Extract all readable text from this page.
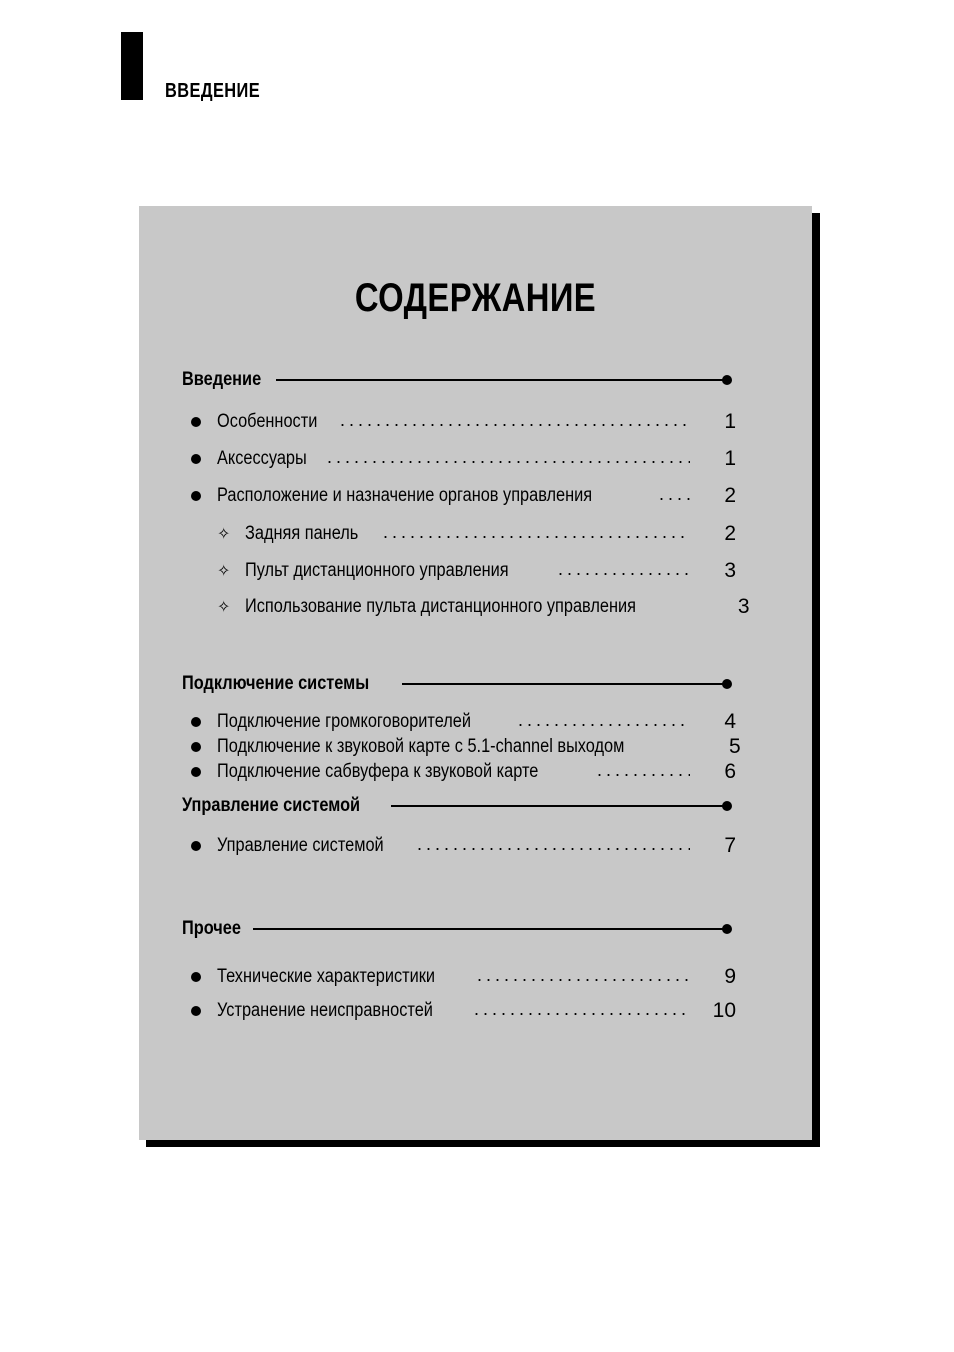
ВВЕДЕНИЕ
СОДЕРЖАНИЕ
Введение
Особенности	1
Аксессуары	1
Расположение и назначение органов управления	2
✧ Задняя панель	2
✧ Пульт дистанционного управления	3
✧ Использование пульта дистанционного управления	3
Подключение системы
Подключение громкоговорителей	4
Подключение к звуковой карте с 5.1-channel выходом	5
Подключение сабвуфера к звуковой карте	6
Управление системой
Управление системой	7
Прочее
Технические характеристики	9
Устранение неисправностей	10
